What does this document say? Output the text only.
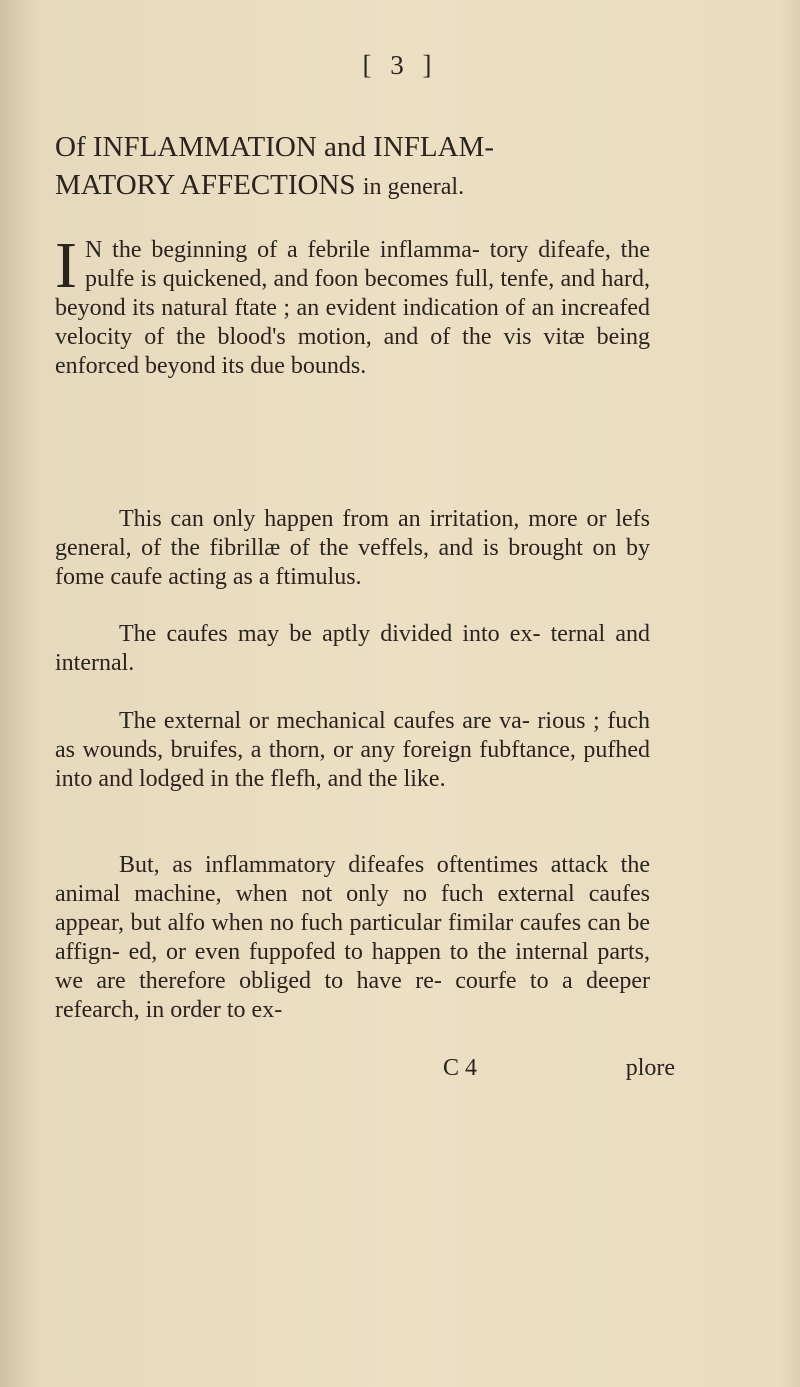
[ 3 ]
Of INFLAMMATION and INFLAM-
MATORY AFFECTIONS in general.
I N the beginning of a febrile inflamma- tory difeafe, the pulfe is quickened, and foon becomes full, tenfe, and hard, beyond its natural ftate ; an evident indication of an increafed velocity of the blood's motion, and of the vis vitæ being enforced beyond its due bounds.
This can only happen from an irritation, more or lefs general, of the fibrillæ of the veffels, and is brought on by fome caufe acting as a ftimulus.
The caufes may be aptly divided into ex- ternal and internal.
The external or mechanical caufes are va- rious ; fuch as wounds, bruifes, a thorn, or any foreign fubftance, pufhed into and lodged in the flefh, and the like.
But, as inflammatory difeafes oftentimes attack the animal machine, when not only no fuch external caufes appear, but alfo when no fuch particular fimilar caufes can be affign- ed, or even fuppofed to happen to the internal parts, we are therefore obliged to have re- courfe to a deeper refearch, in order to ex-
C 4	plore
